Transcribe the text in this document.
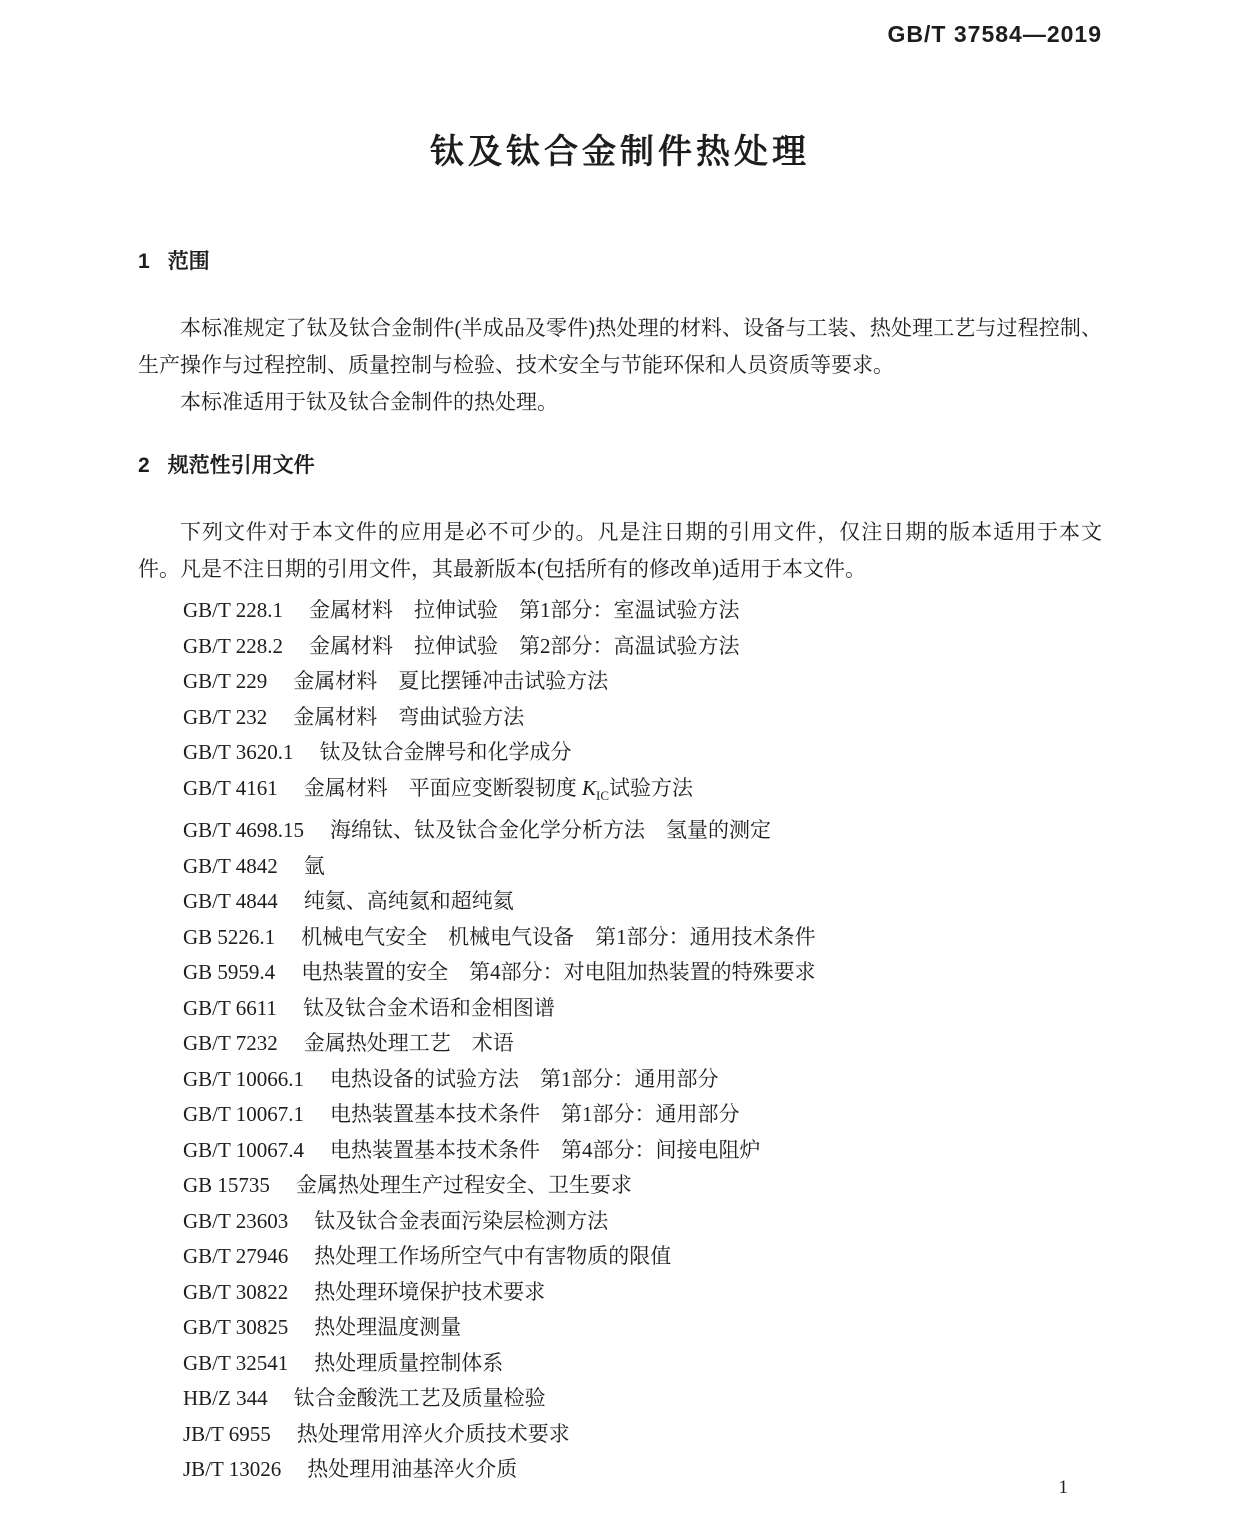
GB/T 37584—2019
钛及钛合金制件热处理
1 范围

本标准规定了钛及钛合金制件(半成品及零件)热处理的材料、设备与工装、热处理工艺与过程控制、生产操作与过程控制、质量控制与检验、技术安全与节能环保和人员资质等要求。

本标准适用于钛及钛合金制件的热处理。

2 规范性引用文件

下列文件对于本文件的应用是必不可少的。凡是注日期的引用文件，仅注日期的版本适用于本文件。凡是不注日期的引用文件，其最新版本(包括所有的修改单)适用于本文件。

GB/T 228.1 金属材料 拉伸试验 第1部分：室温试验方法
GB/T 228.2 金属材料 拉伸试验 第2部分：高温试验方法
GB/T 229 金属材料 夏比摆锤冲击试验方法
GB/T 232 金属材料 弯曲试验方法
GB/T 3620.1 钛及钛合金牌号和化学成分
GB/T 4161 金属材料 平面应变断裂韧度 $K_{IC}$试验方法
GB/T 4698.15 海绵钛、钛及钛合金化学分析方法 氢量的测定
GB/T 4842 氩
GB/T 4844 纯氦、高纯氦和超纯氦
GB 5226.1 机械电气安全 机械电气设备 第1部分：通用技术条件
GB 5959.4 电热装置的安全 第4部分：对电阻加热装置的特殊要求
GB/T 6611 钛及钛合金术语和金相图谱
GB/T 7232 金属热处理工艺 术语
GB/T 10066.1 电热设备的试验方法 第1部分：通用部分
GB/T 10067.1 电热装置基本技术条件 第1部分：通用部分
GB/T 10067.4 电热装置基本技术条件 第4部分：间接电阻炉
GB 15735 金属热处理生产过程安全、卫生要求
GB/T 23603 钛及钛合金表面污染层检测方法
GB/T 27946 热处理工作场所空气中有害物质的限值
GB/T 30822 热处理环境保护技术要求
GB/T 30825 热处理温度测量
GB/T 32541 热处理质量控制体系
HB/Z 344 钛合金酸洗工艺及质量检验
JB/T 6955 热处理常用淬火介质技术要求
JB/T 13026 热处理用油基淬火介质
1
